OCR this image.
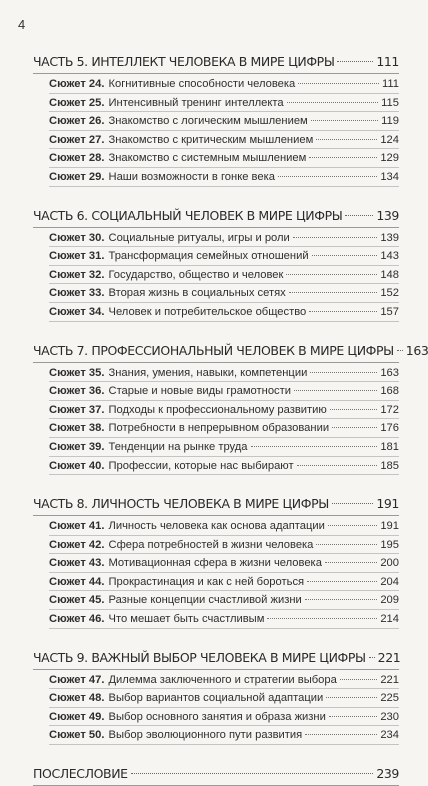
4
ЧАСТЬ 5. ИНТЕЛЛЕКТ ЧЕЛОВЕКА В МИРЕ ЦИФРЫ	111
Сюжет 24. Когнитивные способности человека	111
Сюжет 25. Интенсивный тренинг интеллекта	115
Сюжет 26. Знакомство с логическим мышлением	119
Сюжет 27. Знакомство с критическим мышлением	124
Сюжет 28. Знакомство с системным мышлением	129
Сюжет 29. Наши возможности в гонке века	134
ЧАСТЬ 6. СОЦИАЛЬНЫЙ ЧЕЛОВЕК В МИРЕ ЦИФРЫ	139
Сюжет 30. Социальные ритуалы, игры и роли	139
Сюжет 31. Трансформация семейных отношений	143
Сюжет 32. Государство, общество и человек	148
Сюжет 33. Вторая жизнь в социальных сетях	152
Сюжет 34. Человек и потребительское общество	157
ЧАСТЬ 7. ПРОФЕССИОНАЛЬНЫЙ ЧЕЛОВЕК В МИРЕ ЦИФРЫ 163
Сюжет 35. Знания, умения, навыки, компетенции	163
Сюжет 36. Старые и новые виды грамотности	168
Сюжет 37. Подходы к профессиональному развитию	172
Сюжет 38. Потребности в непрерывном образовании	176
Сюжет 39. Тенденции на рынке труда	181
Сюжет 40. Профессии, которые нас выбирают	185
ЧАСТЬ 8. ЛИЧНОСТЬ ЧЕЛОВЕКА В МИРЕ ЦИФРЫ	191
Сюжет 41. Личность человека как основа адаптации	191
Сюжет 42. Сфера потребностей в жизни человека	195
Сюжет 43. Мотивационная сфера в жизни человека	200
Сюжет 44. Прокрастинация и как с ней бороться	204
Сюжет 45. Разные концепции счастливой жизни	209
Сюжет 46. Что мешает быть счастливым	214
ЧАСТЬ 9. ВАЖНЫЙ ВЫБОР ЧЕЛОВЕКА В МИРЕ ЦИФРЫ 221
Сюжет 47. Дилемма заключенного и стратегии выбора	221
Сюжет 48. Выбор вариантов социальной адаптации	225
Сюжет 49. Выбор основного занятия и образа жизни	230
Сюжет 50. Выбор эволюционного пути развития	234
ПОСЛЕСЛОВИЕ	239
